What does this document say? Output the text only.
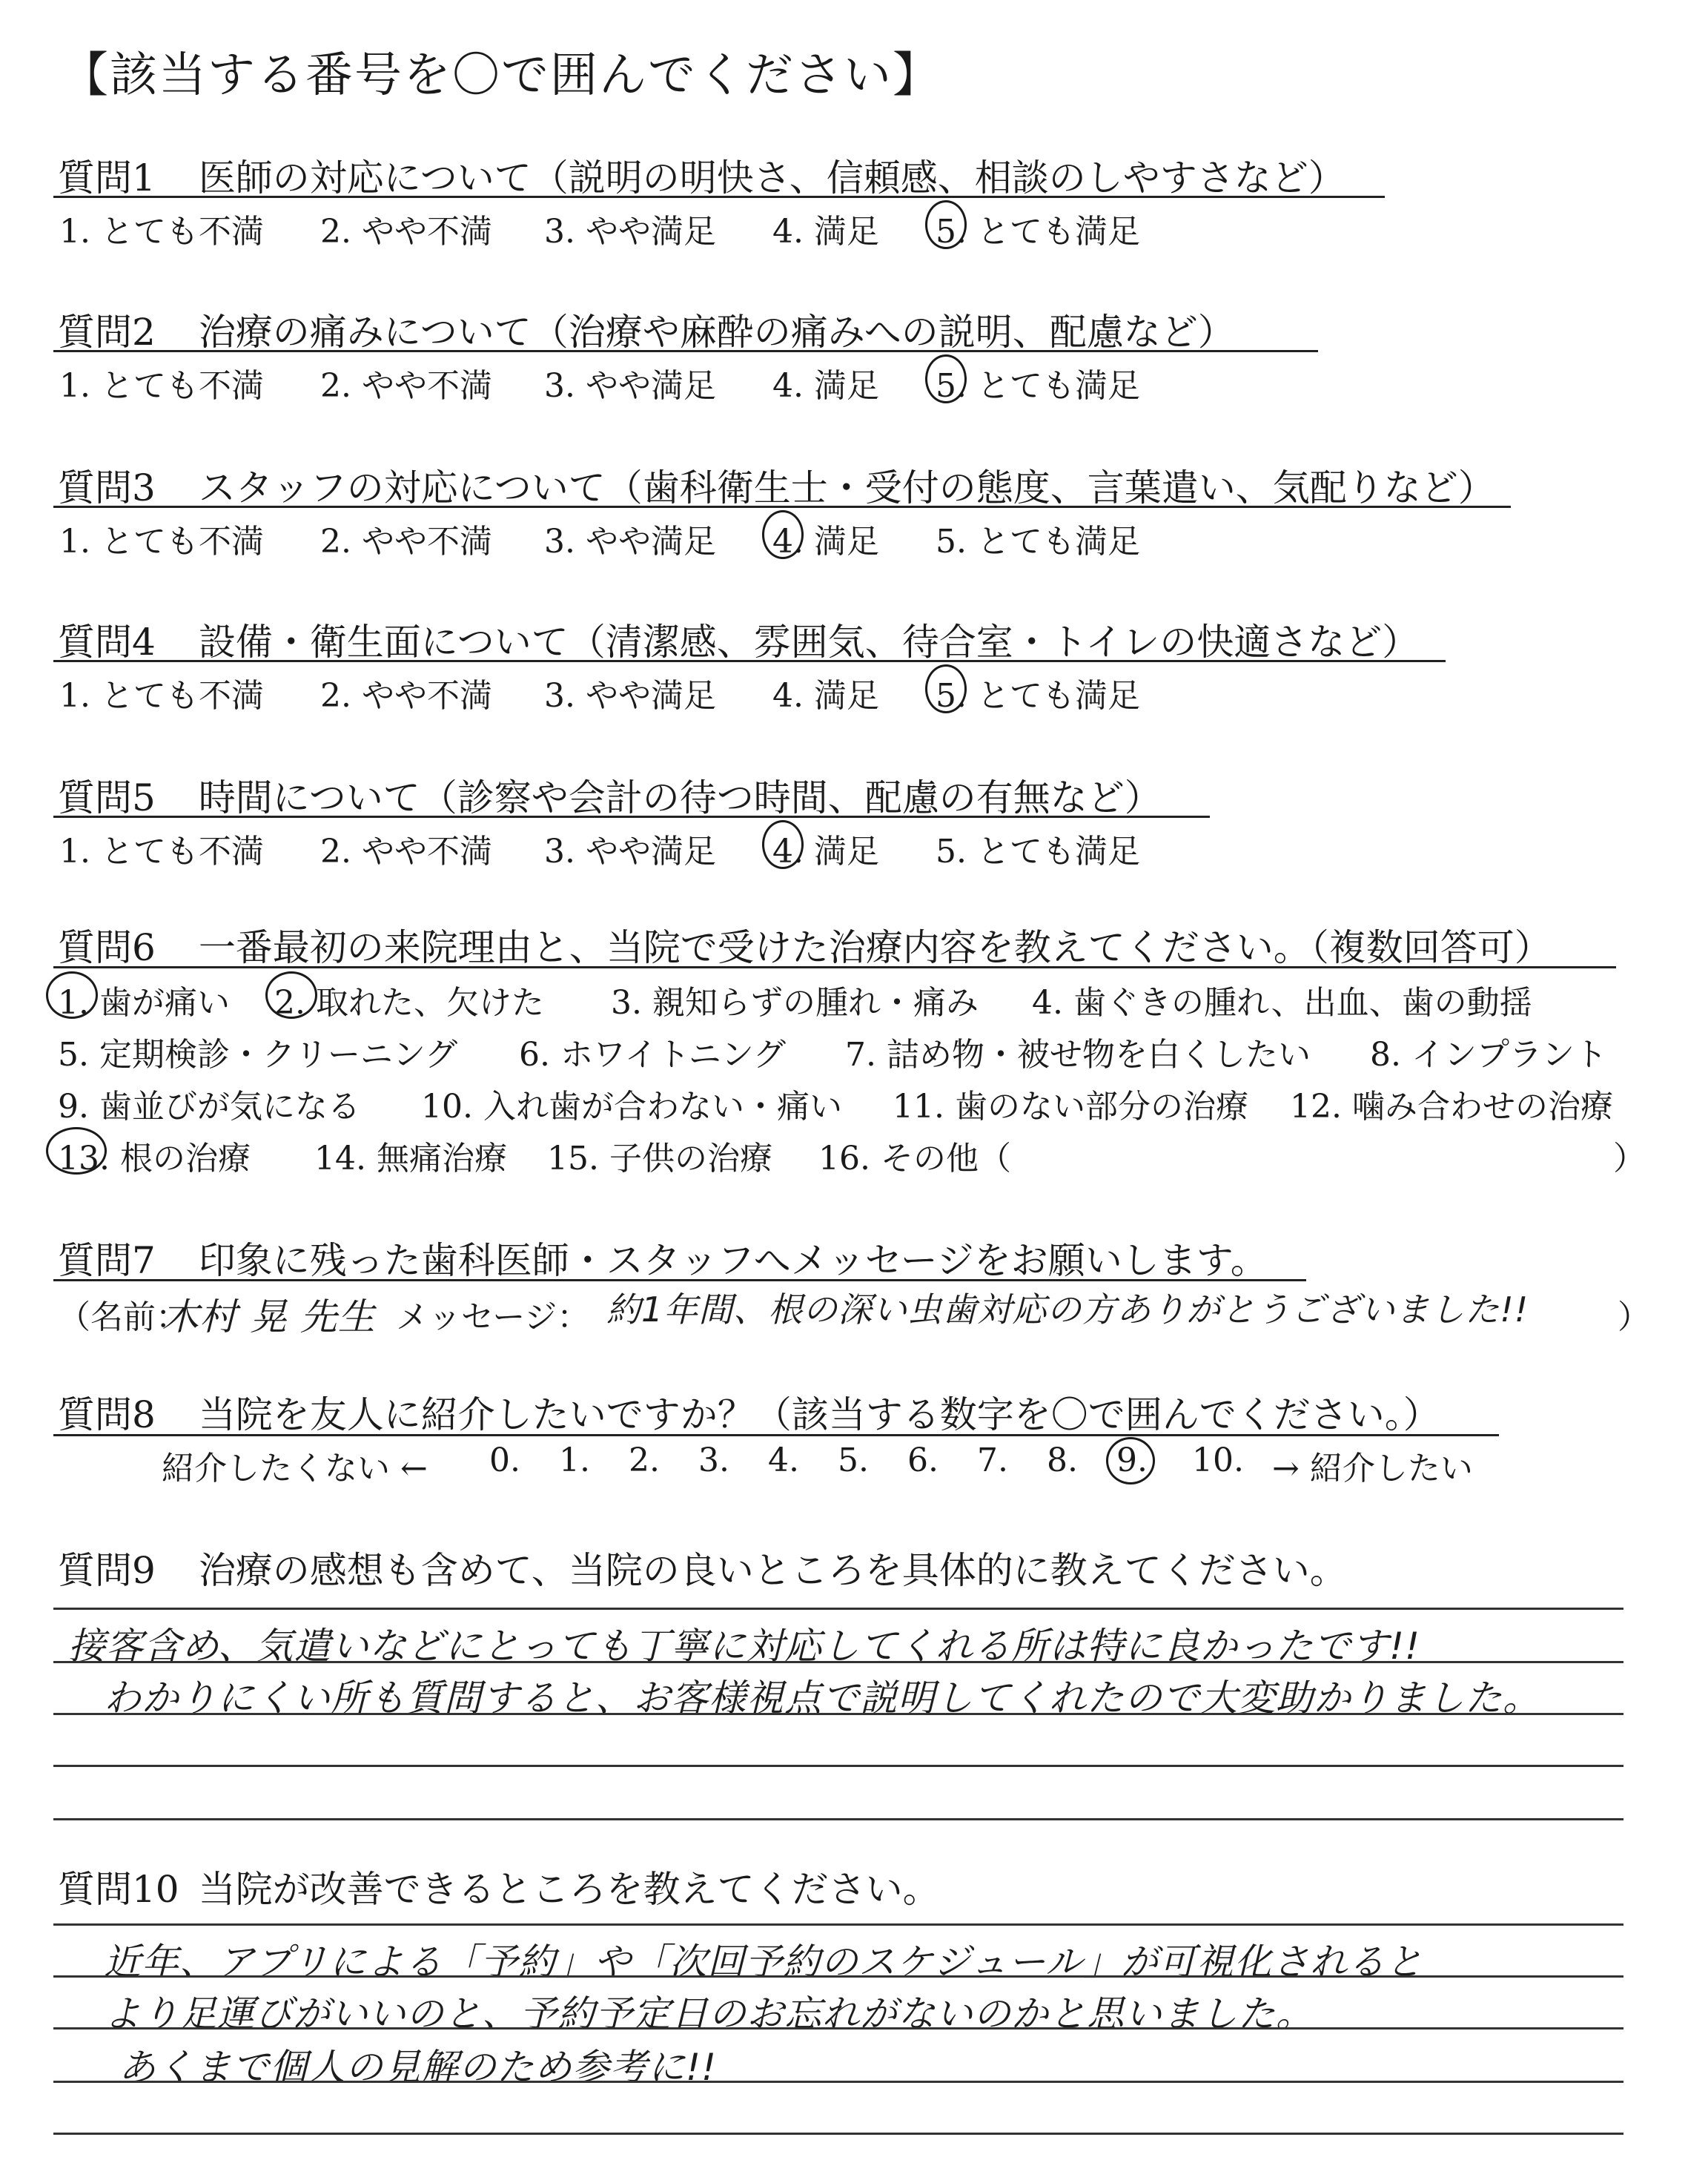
【該当する番号を〇で囲んでください】
質問1 医師の対応について（説明の明快さ、信頼感、相談のしやすさなど）
1. とても不満 2. やや不満 3. やや満足 4. 満足 5. とても満足
質問2 治療の痛みについて（治療や麻酔の痛みへの説明、配慮など）
1. とても不満 2. やや不満 3. やや満足 4. 満足 5. とても満足
質問3 スタッフの対応について（歯科衛生士・受付の態度、言葉遣い、気配りなど）
1. とても不満 2. やや不満 3. やや満足 4. 満足 5. とても満足
質問4 設備・衛生面について（清潔感、雰囲気、待合室・トイレの快適さなど）
1. とても不満 2. やや不満 3. やや満足 4. 満足 5. とても満足
質問5 時間について（診察や会計の待つ時間、配慮の有無など）
1. とても不満 2. やや不満 3. やや満足 4. 満足 5. とても満足
質問6 一番最初の来院理由と、当院で受けた治療内容を教えてください。（複数回答可）
1. 歯が痛い 2. 取れた、欠けた 3. 親知らずの腫れ・痛み 4. 歯ぐきの腫れ、出血、歯の動揺
5. 定期検診・クリーニング 6. ホワイトニング 7. 詰め物・被せ物を白くしたい 8. インプラント
9. 歯並びが気になる 10. 入れ歯が合わない・痛い 11. 歯のない部分の治療 12. 噛み合わせの治療
13. 根の治療 14. 無痛治療 15. 子供の治療 16. その他（	）
質問7 印象に残った歯科医師・スタッフへメッセージをお願いします。
（名前：
木村 晃 先生 メッセージ： 約1年間、根の深い虫歯対応の方ありがとうございました!!	）
質問8 当院を友人に紹介したいですか？（該当する数字を〇で囲んでください。）
紹介したくない ← 0. 1. 2. 3. 4. 5. 6. 7. 8. 9. 10. → 紹介したい
質問9 治療の感想も含めて、当院の良いところを具体的に教えてください。
接客含め、気遣いなどにとっても丁寧に対応してくれる所は特に良かったです!!
わかりにくい所も質問すると、お客様視点で説明してくれたので大変助かりました。
質問10 当院が改善できるところを教えてください。
近年、アプリによる「予約」や「次回予約のスケジュール」が可視化されると
より足運びがいいのと、予約予定日のお忘れがないのかと思いました。
あくまで個人の見解のため参考に!!
